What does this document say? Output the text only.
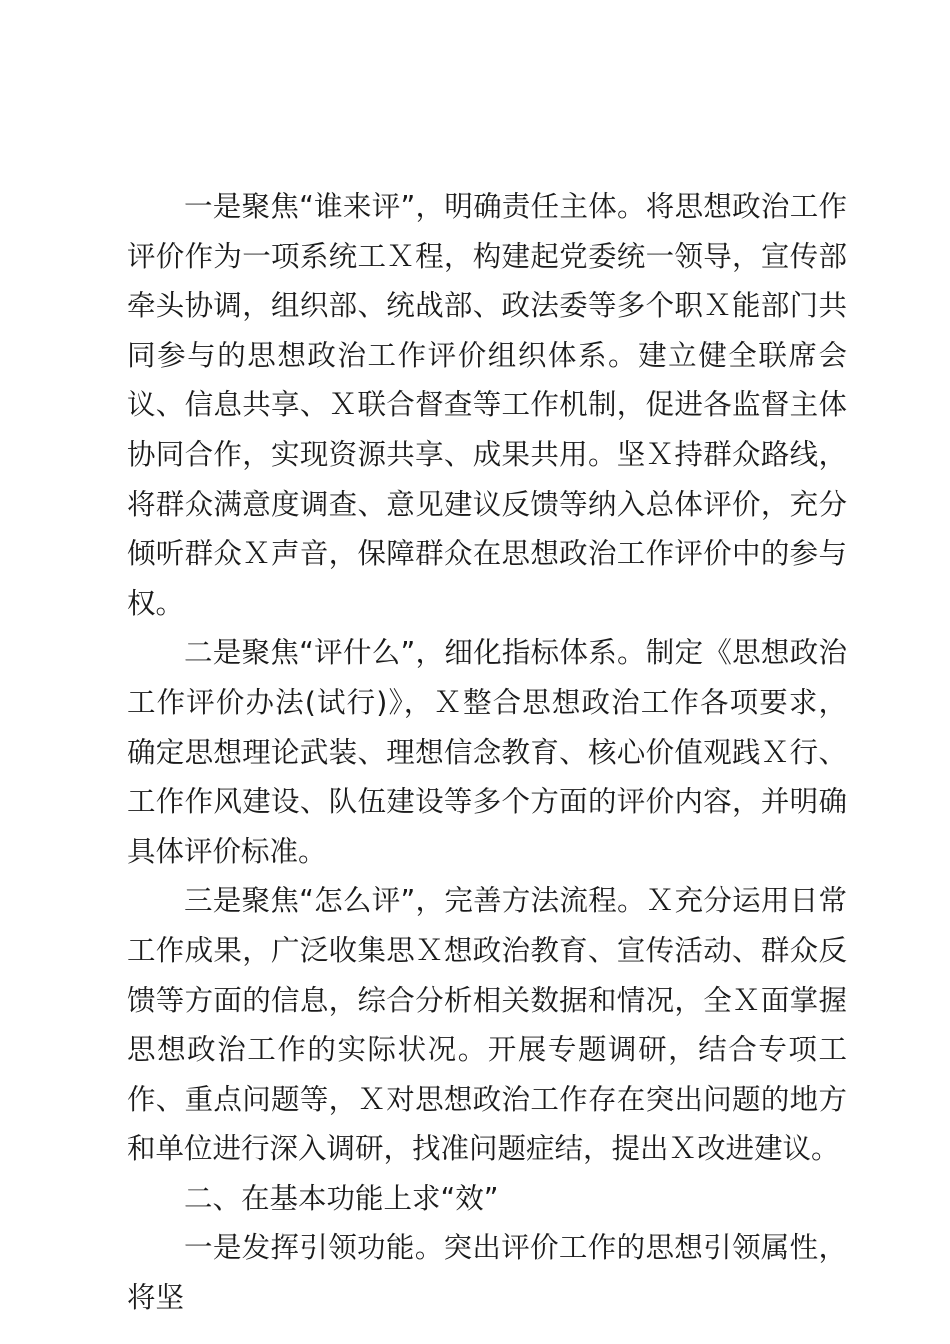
一是聚焦“谁来评”，明确责任主体。将思想政治工作评价作为一项系统工Ｘ程，构建起党委统一领导，宣传部牵头协调，组织部、统战部、政法委等多个职Ｘ能部门共同参与的思想政治工作评价组织体系。建立健全联席会议、信息共享、Ｘ联合督查等工作机制，促进各监督主体协同合作，实现资源共享、成果共用。坚Ｘ持群众路线，将群众满意度调查、意见建议反馈等纳入总体评价，充分倾听群众Ｘ声音，保障群众在思想政治工作评价中的参与权。

二是聚焦“评什么”，细化指标体系。制定《思想政治工作评价办法(试行)》，Ｘ整合思想政治工作各项要求，确定思想理论武装、理想信念教育、核心价值观践Ｘ行、工作作风建设、队伍建设等多个方面的评价内容，并明确具体评价标准。

三是聚焦“怎么评”，完善方法流程。Ｘ充分运用日常工作成果，广泛收集思Ｘ想政治教育、宣传活动、群众反馈等方面的信息，综合分析相关数据和情况，全Ｘ面掌握思想政治工作的实际状况。开展专题调研，结合专项工作、重点问题等，Ｘ对思想政治工作存在突出问题的地方和单位进行深入调研，找准问题症结，提出Ｘ改进建议。

二、在基本功能上求“效”

一是发挥引领功能。突出评价工作的思想引领属性，将坚
